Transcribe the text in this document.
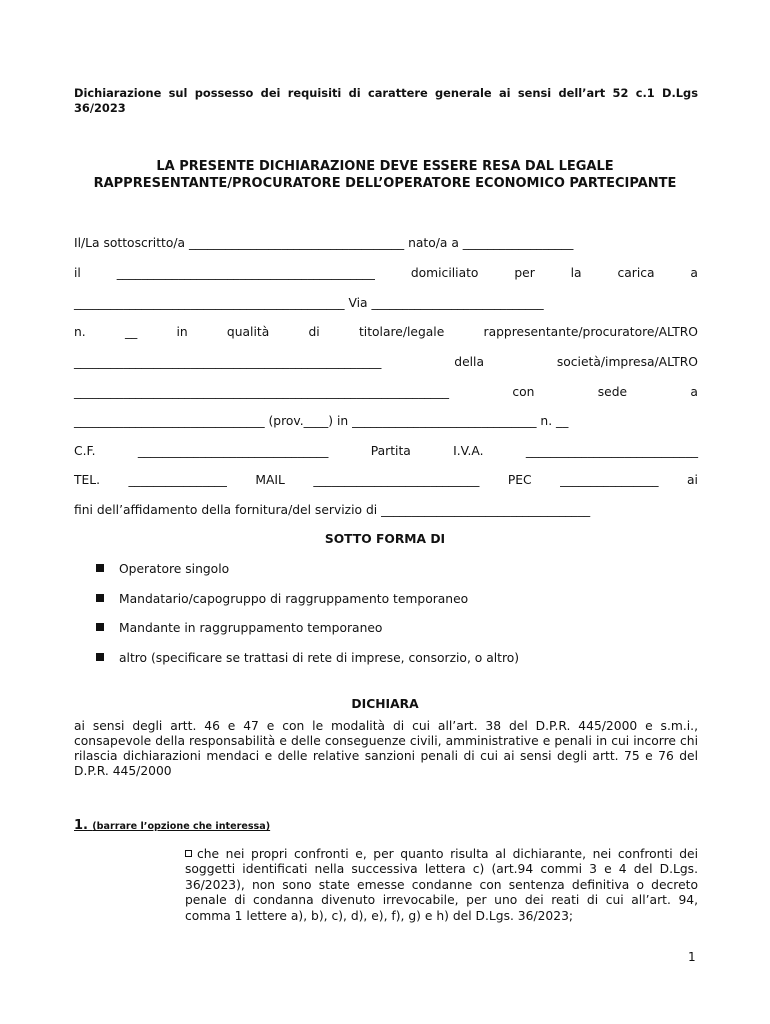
Dichiarazione sul possesso dei requisiti di carattere generale ai sensi dell’art 52 c.1 D.Lgs 36/2023
LA PRESENTE DICHIARAZIONE DEVE ESSERE RESA DAL LEGALE RAPPRESENTANTE/PROCURATORE DELL’OPERATORE ECONOMICO PARTECIPANTE
Il/La sottoscritto/a ___________________________________ nato/a a __________________
il	__________________________________________	domiciliato	per	la	carica	a
____________________________________________ Via ____________________________
n.	__	in	qualità	di	titolare/legale	rappresentante/procuratore/ALTRO
__________________________________________________	della	società/impresa/ALTRO
_____________________________________________________________	con	sede	a
_______________________________ (prov.____) in ______________________________ n. __
C.F.	_______________________________	Partita	I.V.A.	____________________________
TEL. ________________ MAIL ___________________________ PEC ________________ ai
fini dell’affidamento della fornitura/del servizio di __________________________________
SOTTO FORMA DI
Operatore singolo
Mandatario/capogruppo di raggruppamento temporaneo
Mandante in raggruppamento temporaneo
altro (specificare se trattasi di rete di imprese, consorzio, o altro)
DICHIARA
ai sensi degli artt. 46 e 47 e con le modalità di cui all’art. 38 del D.P.R. 445/2000 e s.m.i., consapevole della responsabilità e delle conseguenze civili, amministrative e penali in cui incorre chi rilascia dichiarazioni mendaci e delle relative sanzioni penali di cui ai sensi degli artt. 75 e 76 del D.P.R. 445/2000
1. (barrare l’opzione che interessa)
che nei propri confronti e, per quanto risulta al dichiarante, nei confronti dei soggetti identificati nella successiva lettera c) (art.94 commi 3 e 4 del D.Lgs. 36/2023), non sono state emesse condanne con sentenza definitiva o decreto penale di condanna divenuto irrevocabile, per uno dei reati di cui all’art. 94, comma 1 lettere a), b), c), d), e), f), g) e h) del D.Lgs. 36/2023;
1
